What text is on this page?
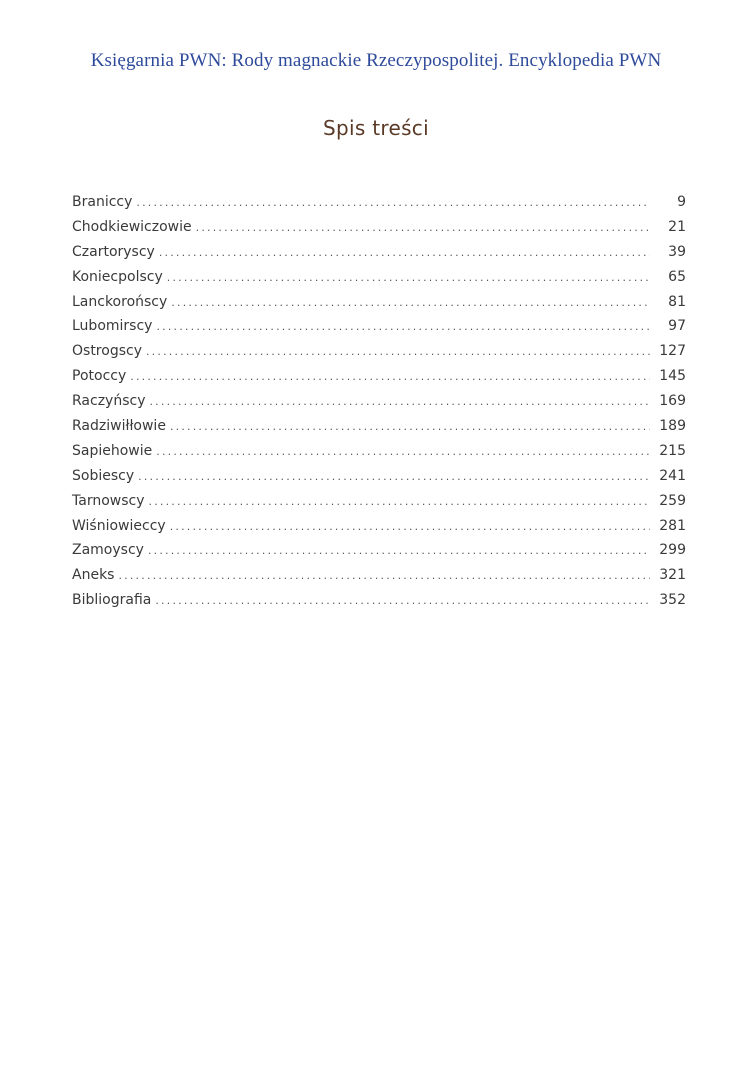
Księgarnia PWN: Rody magnackie Rzeczypospolitej. Encyklopedia PWN
Spis treści
Braniccy .....	9
Chodkiewiczowie .....	21
Czartoryscy .....	39
Koniecpolscy .....	65
Lanckorońscy .....	81
Lubomirscy .....	97
Ostrogscy .....	127
Potoccy .....	145
Raczyńscy .....	169
Radziwiłłowie .....	189
Sapiehowie .....	215
Sobiescy .....	241
Tarnowscy .....	259
Wiśniowieccy .....	281
Zamoyscy .....	299
Aneks .....	321
Bibliografia .....	352
